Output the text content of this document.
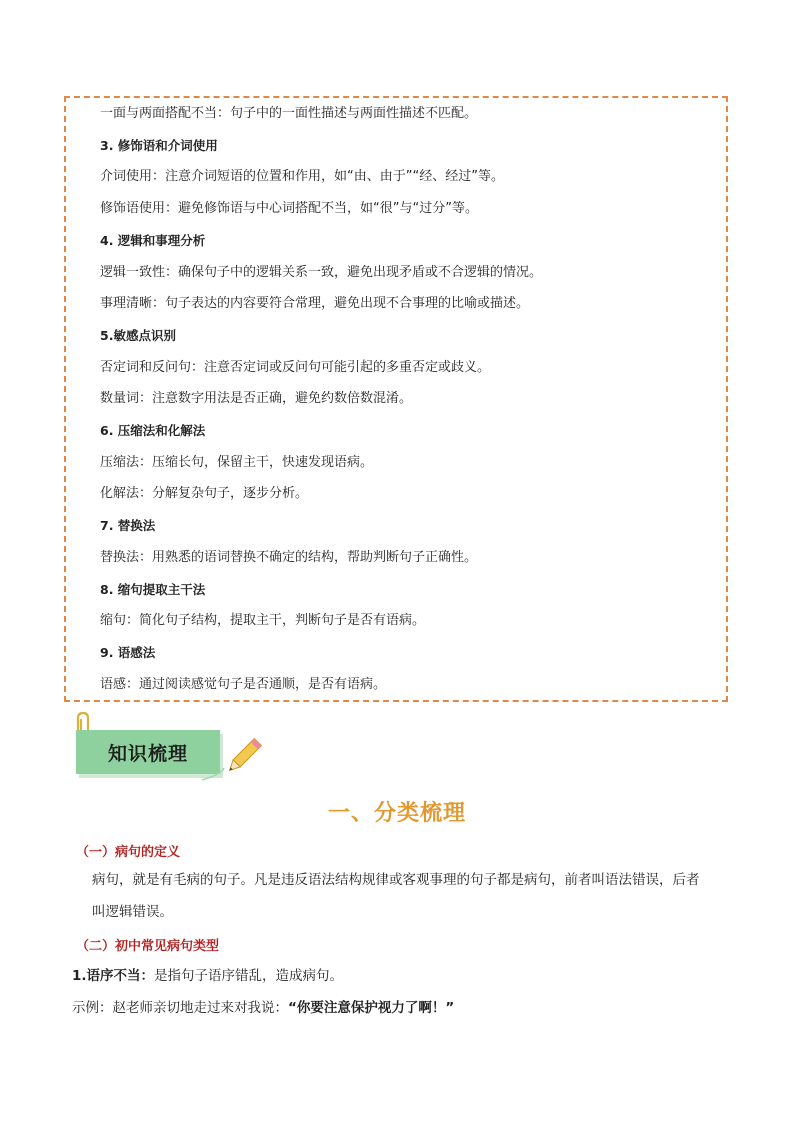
一面与两面搭配不当：句子中的一面性描述与两面性描述不匹配。
3. 修饰语和介词使用
介词使用：注意介词短语的位置和作用，如“由、由于”“经、经过”等。
修饰语使用：避免修饰语与中心词搭配不当，如“很”与“过分”等。
4. 逻辑和事理分析
逻辑一致性：确保句子中的逻辑关系一致，避免出现矛盾或不合逻辑的情况。
事理清晰：句子表达的内容要符合常理，避免出现不合事理的比喻或描述。
5.敏感点识别
否定词和反问句：注意否定词或反问句可能引起的多重否定或歧义。
数量词：注意数字用法是否正确，避免约数倍数混淆。
6. 压缩法和化解法
压缩法：压缩长句，保留主干，快速发现语病。
化解法：分解复杂句子，逐步分析。
7. 替换法
替换法：用熟悉的语词替换不确定的结构，帮助判断句子正确性。
8. 缩句提取主干法
缩句：简化句子结构，提取主干，判断句子是否有语病。
9. 语感法
语感：通过阅读感觉句子是否通顺，是否有语病。
知识梳理
一、分类梳理
（一）病句的定义
病句，就是有毛病的句子。凡是违反语法结构规律或客观事理的句子都是病句，前者叫语法错误，后者
叫逻辑错误。
（二）初中常见病句类型
1.语序不当：是指句子语序错乱，造成病句。
示例：赵老师亲切地走过来对我说：“你要注意保护视力了啊！”
